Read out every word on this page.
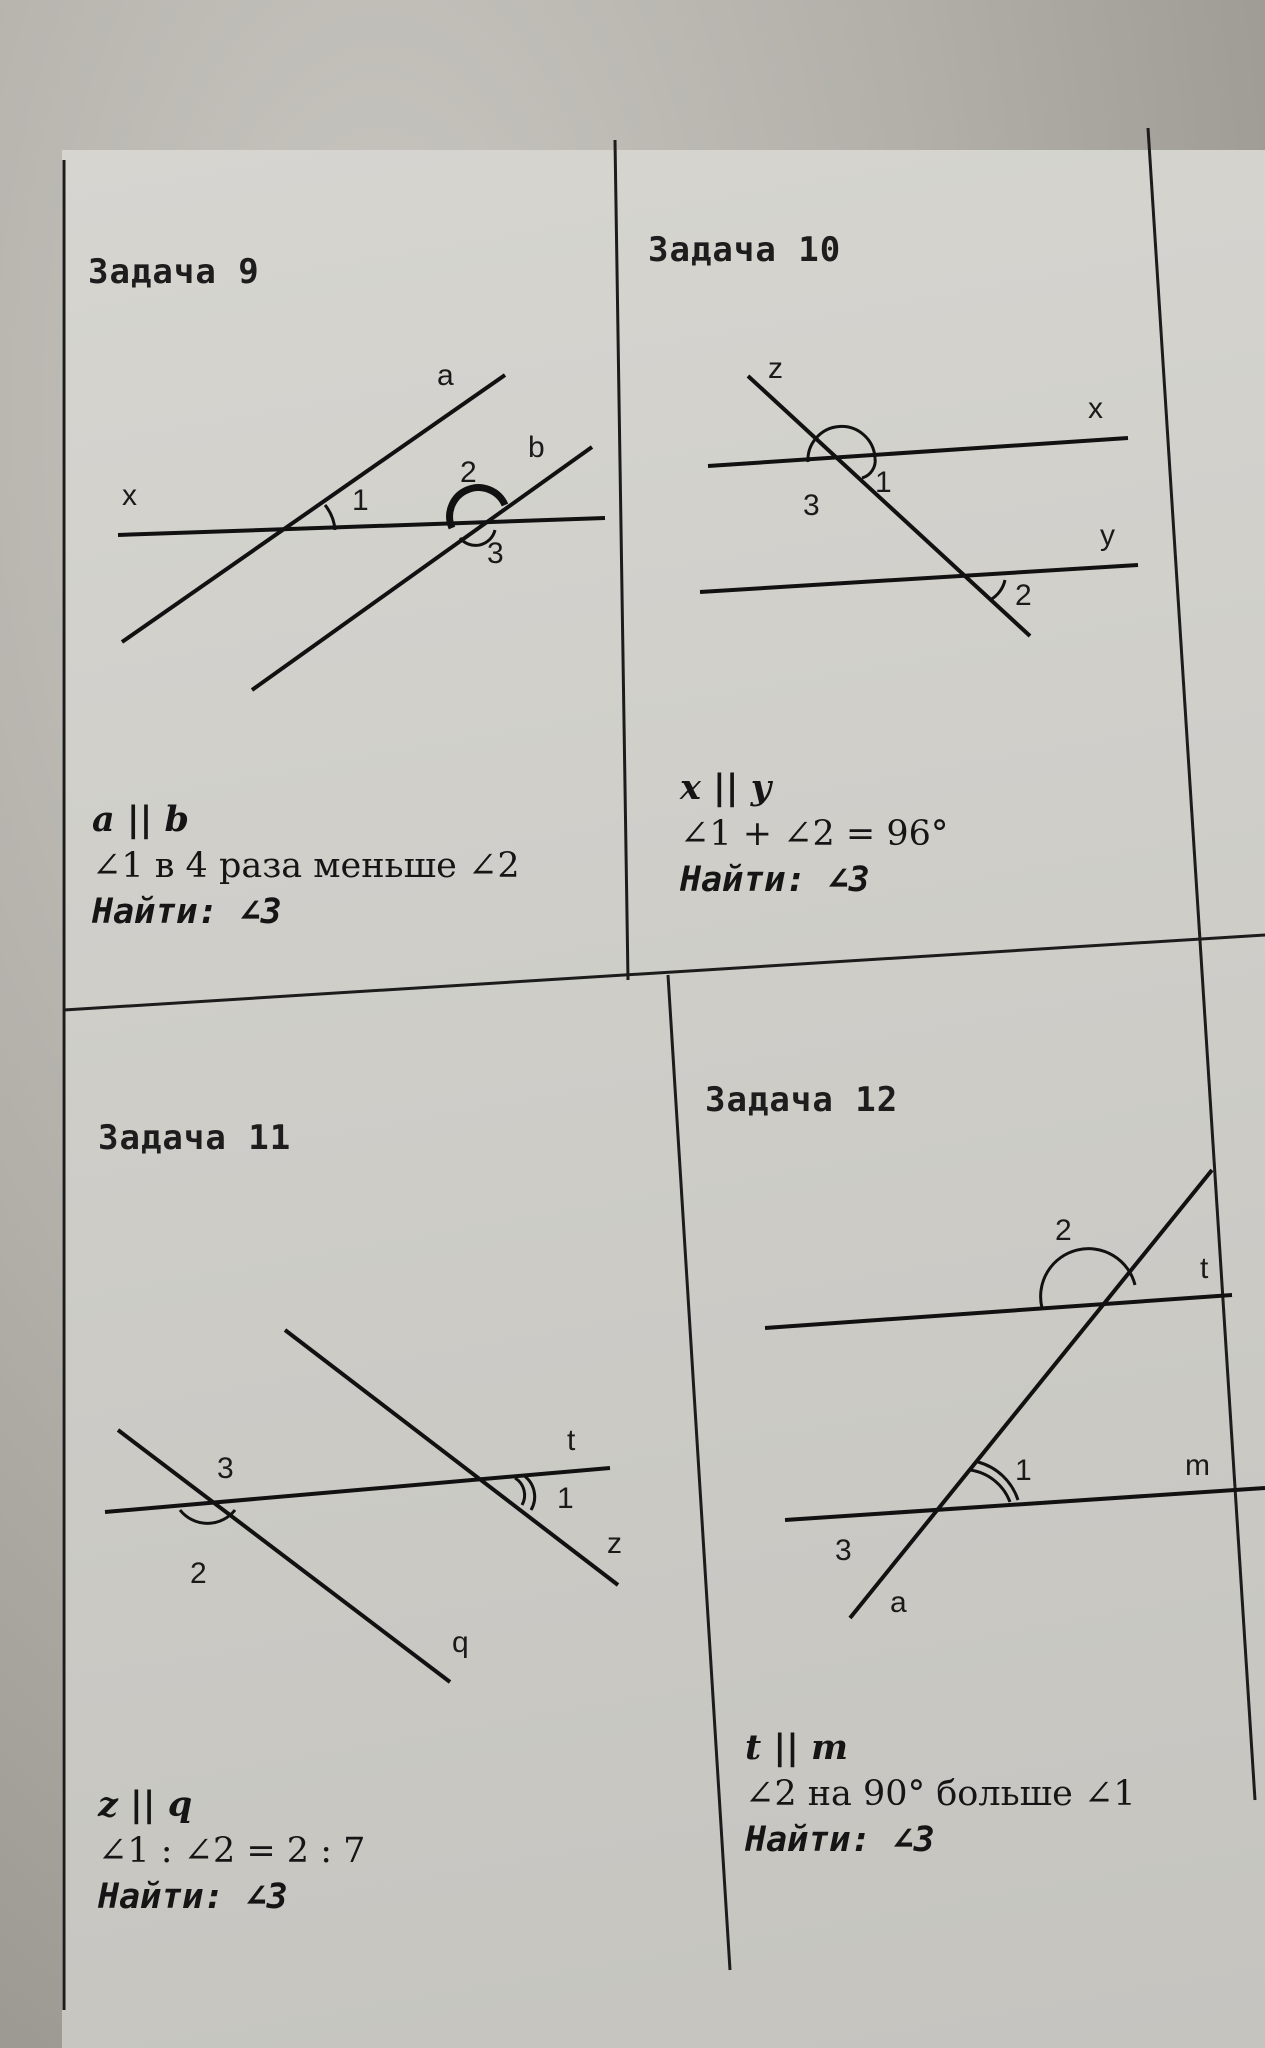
a
b
x	1
2
3
z
x
y
1
2
3
t
z
q
1
2
3
t
m
a
1
2
3
Задача 9
a || b
∠1 в 4 раза меньше ∠2
Найти: ∠3
Задача 10
x || y
∠1 + ∠2 = 96°
Найти: ∠3
Задача 11
z || q
∠1 : ∠2 = 2 : 7
Найти: ∠3
Задача 12
t || m
∠2 на 90° больше ∠1
Найти: ∠3
